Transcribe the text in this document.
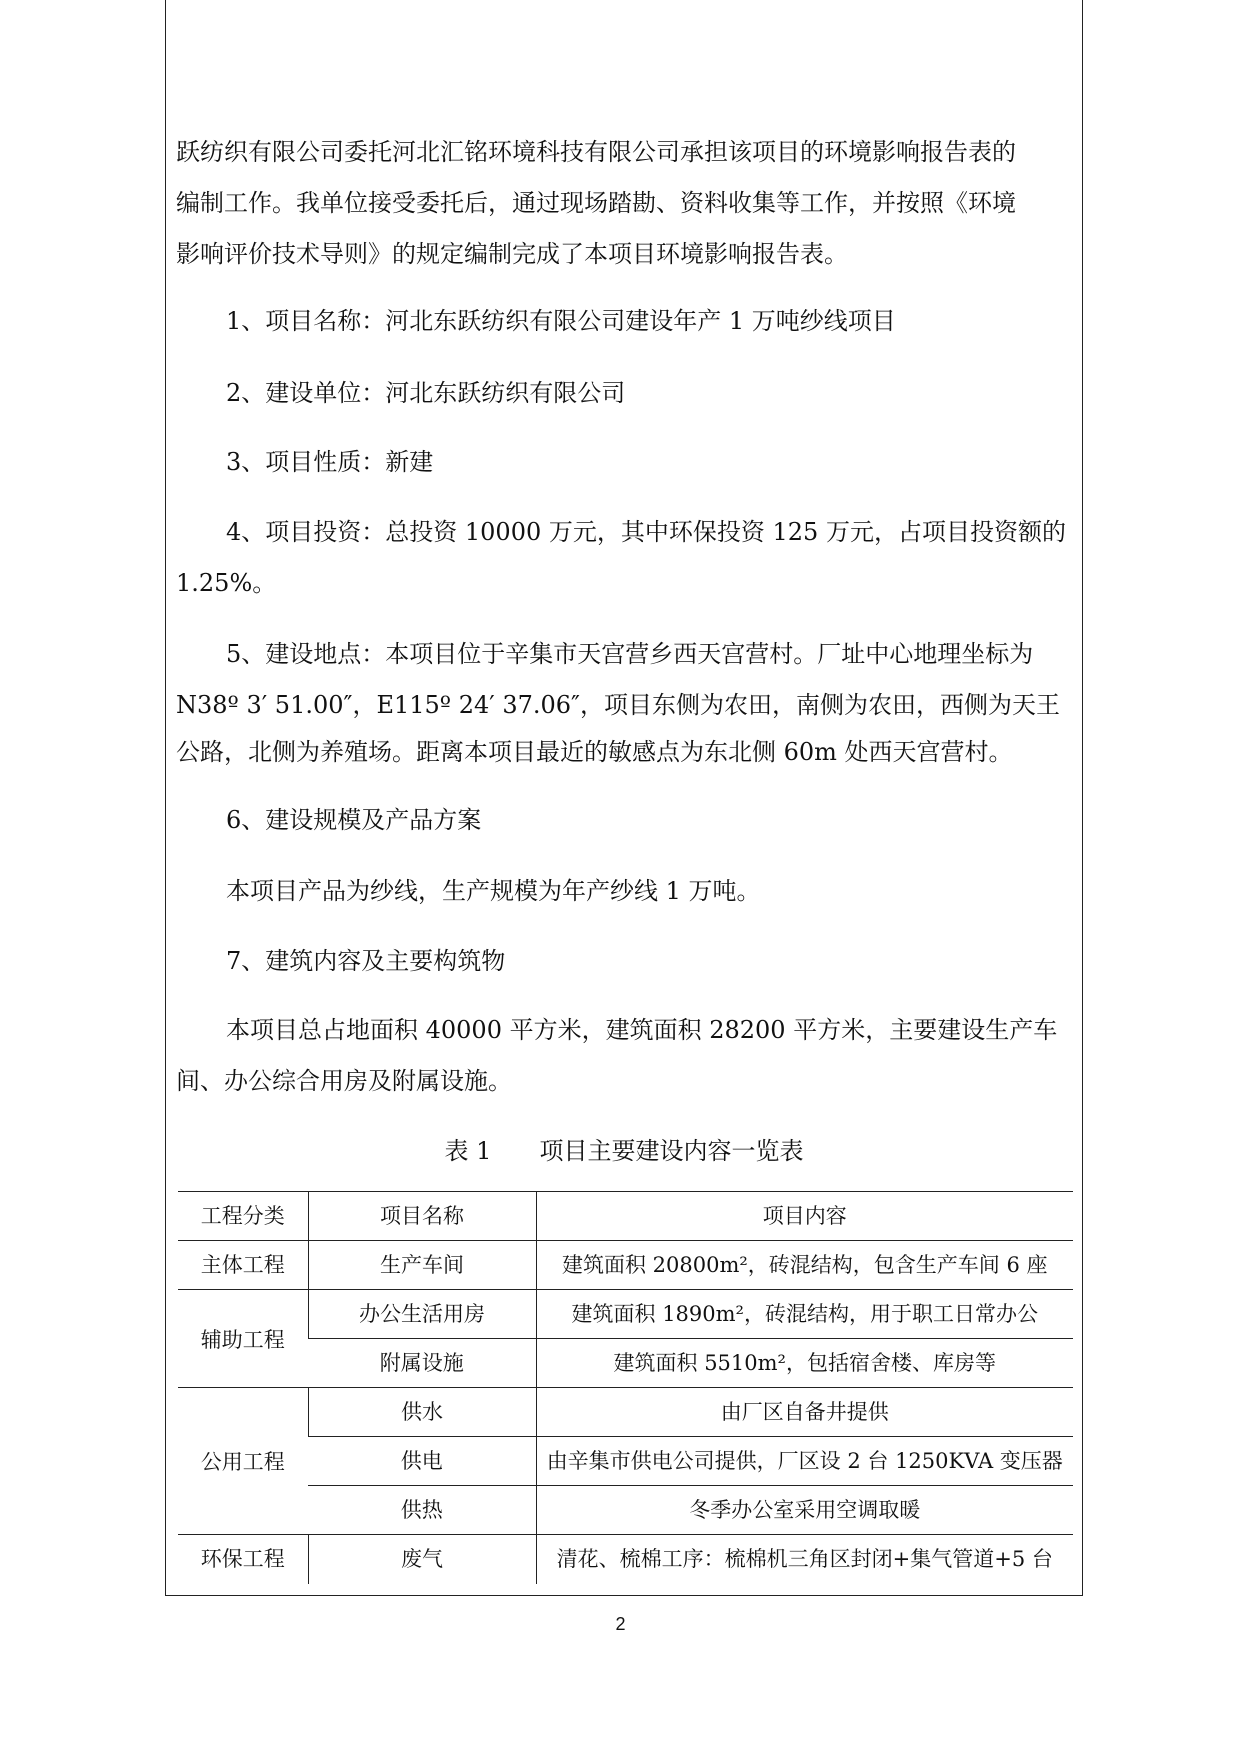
跃纺织有限公司委托河北汇铭环境科技有限公司承担该项目的环境影响报告表的
编制工作。我单位接受委托后，通过现场踏勘、资料收集等工作，并按照《环境
影响评价技术导则》的规定编制完成了本项目环境影响报告表。
1、项目名称：河北东跃纺织有限公司建设年产 1 万吨纱线项目
2、建设单位：河北东跃纺织有限公司
3、项目性质：新建
4、项目投资：总投资 10000 万元，其中环保投资 125 万元，占项目投资额的
1.25%。
5、建设地点：本项目位于辛集市天宫营乡西天宫营村。厂址中心地理坐标为
N38º 3′ 51.00″，E115º 24′ 37.06″，项目东侧为农田，南侧为农田，西侧为天王
公路，北侧为养殖场。距离本项目最近的敏感点为东北侧 60m 处西天宫营村。
6、建设规模及产品方案
本项目产品为纱线，生产规模为年产纱线 1 万吨。
7、建筑内容及主要构筑物
本项目总占地面积 40000 平方米，建筑面积 28200 平方米，主要建设生产车
间、办公综合用房及附属设施。
表 1　　项目主要建设内容一览表
工程分类	项目名称	项目内容
主体工程	生产车间	建筑面积 20800m²，砖混结构，包含生产车间 6 座
辅助工程	办公生活用房	建筑面积 1890m²，砖混结构，用于职工日常办公
	附属设施	建筑面积 5510m²，包括宿舍楼、库房等
公用工程	供水	由厂区自备井提供
	供电	由辛集市供电公司提供，厂区设 2 台 1250KVA 变压器
	供热	冬季办公室采用空调取暖
环保工程	废气	清花、梳棉工序：梳棉机三角区封闭+集气管道+5 台
2
